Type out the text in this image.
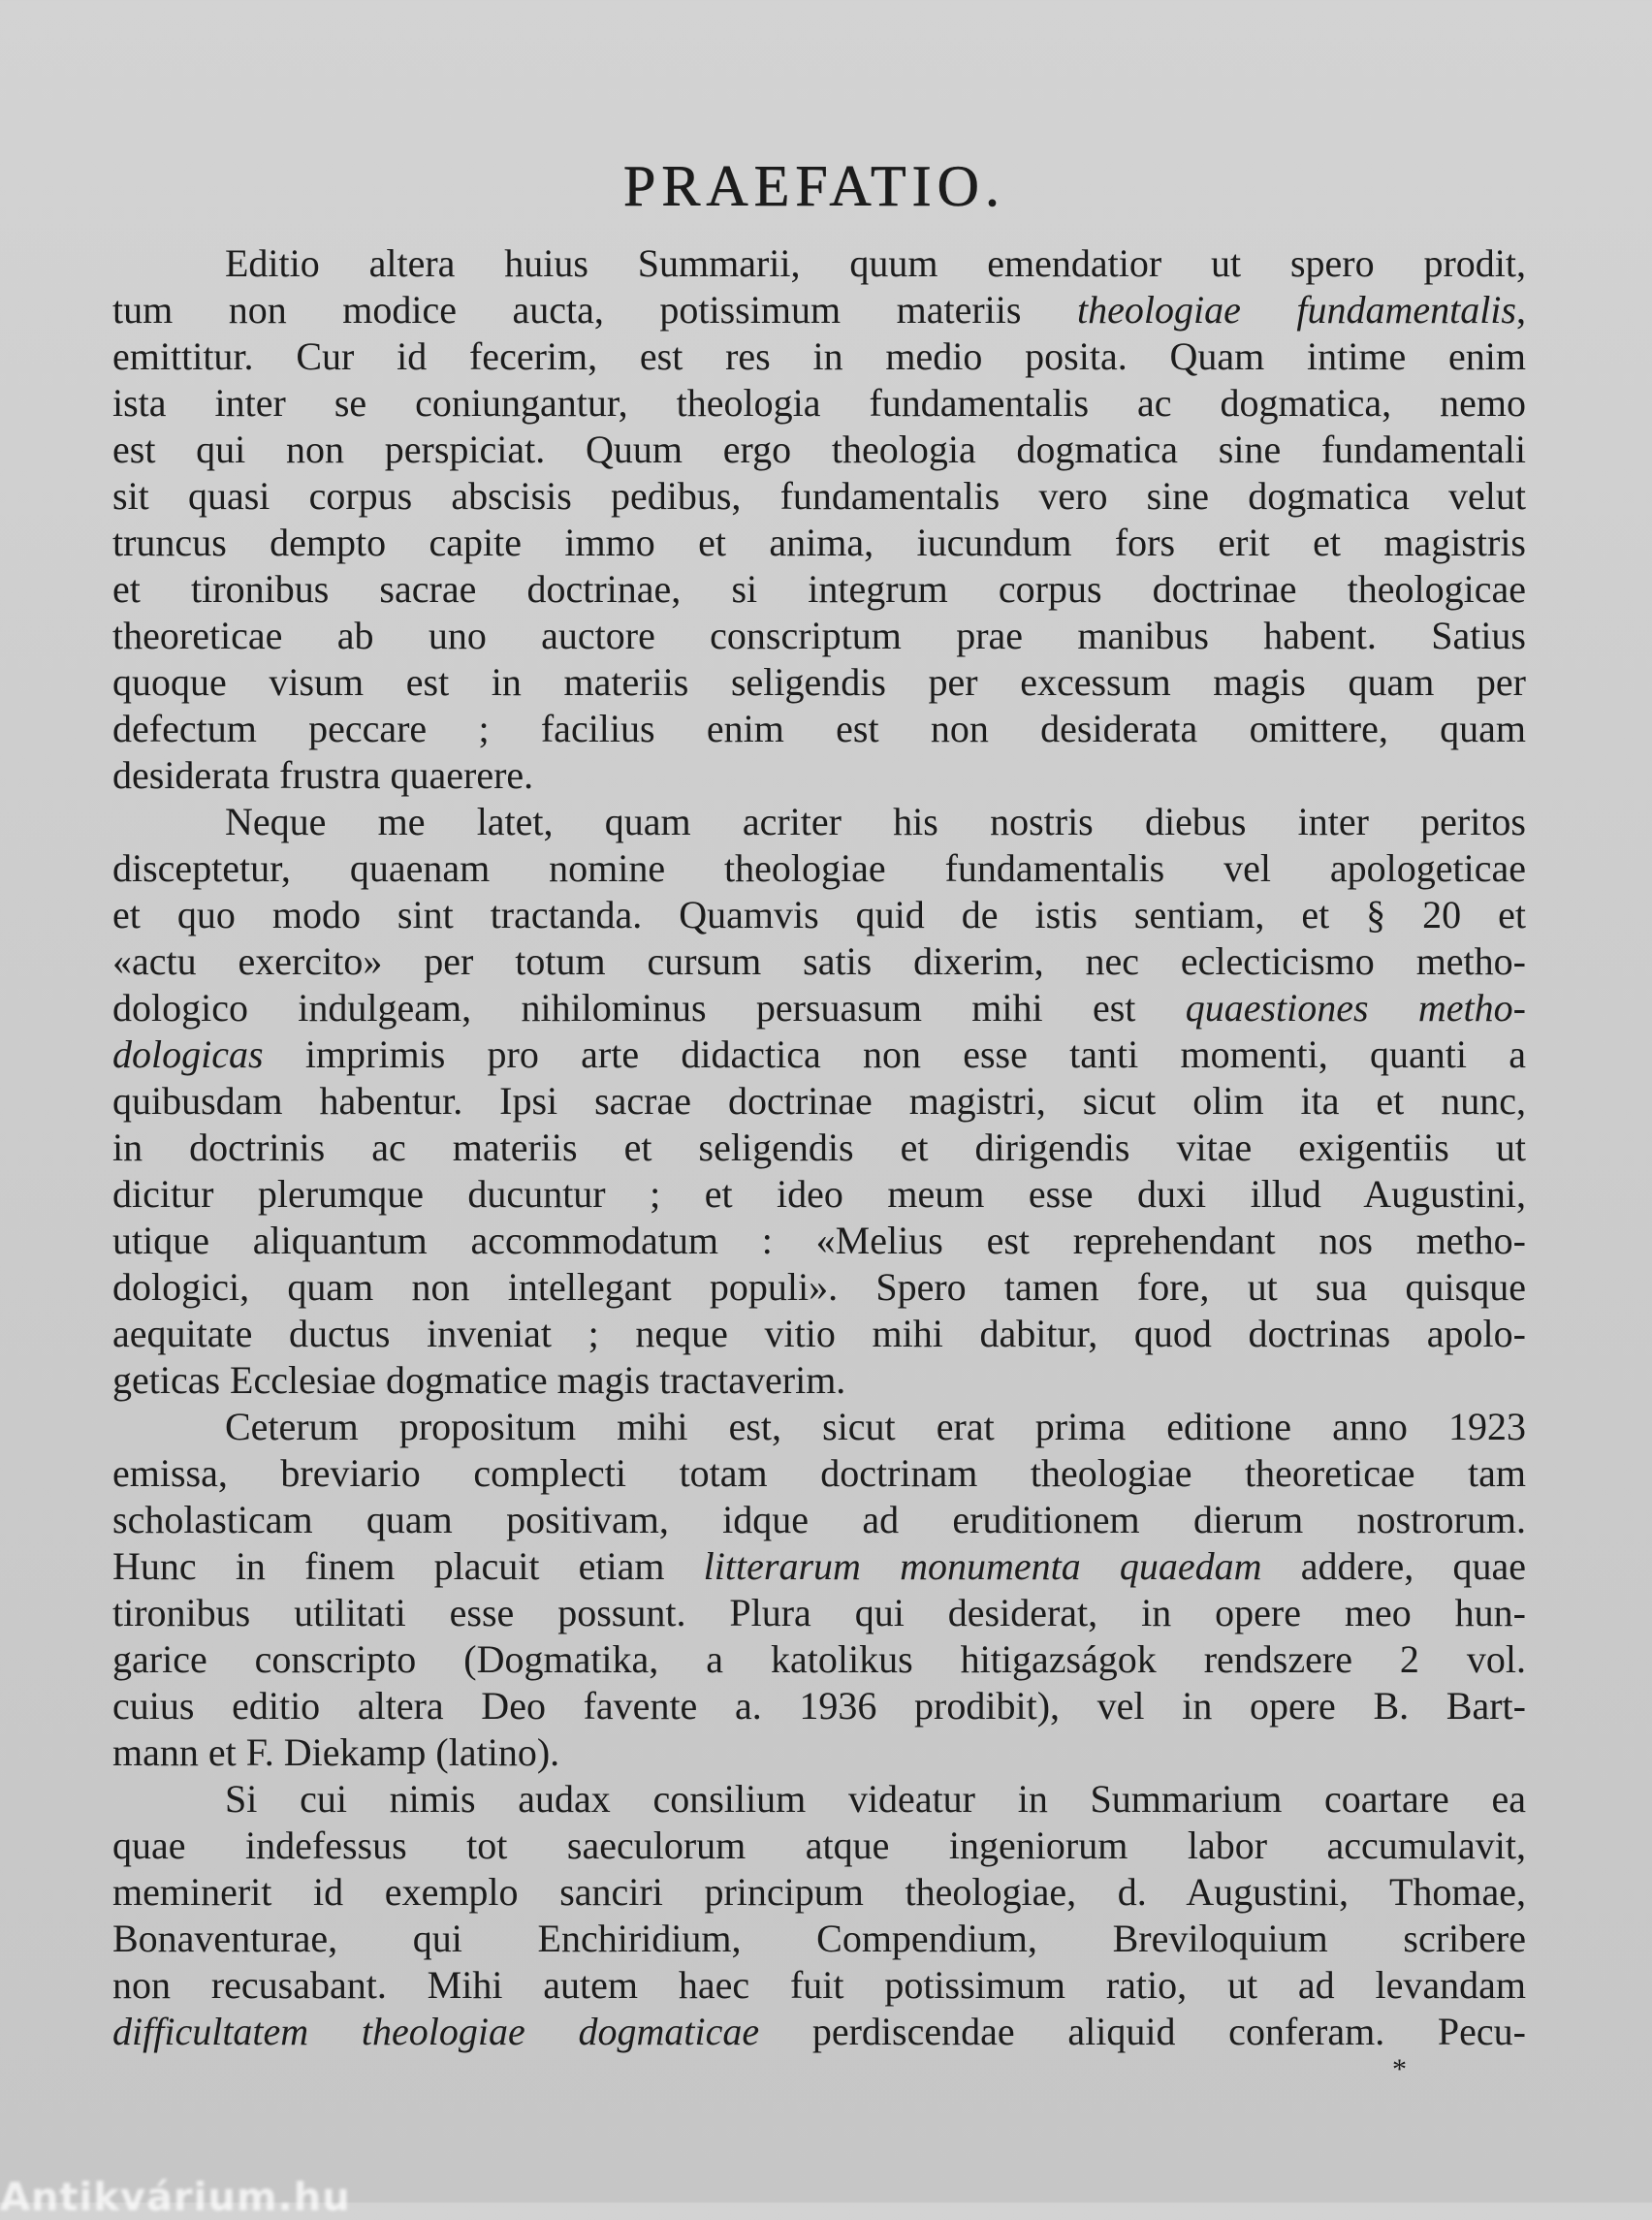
PRAEFATIO.
Editio altera huius Summarii, quum emendatior ut spero prodit,
tum non modice aucta, potissimum materiis theologiae fundamentalis,
emittitur. Cur id fecerim, est res in medio posita. Quam intime enim
ista inter se coniungantur, theologia fundamentalis ac dogmatica, nemo
est qui non perspiciat. Quum ergo theologia dogmatica sine fundamentali
sit quasi corpus abscisis pedibus, fundamentalis vero sine dogmatica velut
truncus dempto capite immo et anima, iucundum fors erit et magistris
et tironibus sacrae doctrinae, si integrum corpus doctrinae theologicae
theoreticae ab uno auctore conscriptum prae manibus habent. Satius
quoque visum est in materiis seligendis per excessum magis quam per
defectum peccare ; facilius enim est non desiderata omittere, quam
desiderata frustra quaerere.
Neque me latet, quam acriter his nostris diebus inter peritos
disceptetur, quaenam nomine theologiae fundamentalis vel apologeticae
et quo modo sint tractanda. Quamvis quid de istis sentiam, et § 20 et
«actu exercito» per totum cursum satis dixerim, nec eclecticismo metho-
dologico indulgeam, nihilominus persuasum mihi est quaestiones metho-
dologicas imprimis pro arte didactica non esse tanti momenti, quanti a
quibusdam habentur. Ipsi sacrae doctrinae magistri, sicut olim ita et nunc,
in doctrinis ac materiis et seligendis et dirigendis vitae exigentiis ut
dicitur plerumque ducuntur ; et ideo meum esse duxi illud Augustini,
utique aliquantum accommodatum : «Melius est reprehendant nos metho-
dologici, quam non intellegant populi». Spero tamen fore, ut sua quisque
aequitate ductus inveniat ; neque vitio mihi dabitur, quod doctrinas apolo-
geticas Ecclesiae dogmatice magis tractaverim.
Ceterum propositum mihi est, sicut erat prima editione anno 1923
emissa, breviario complecti totam doctrinam theologiae theoreticae tam
scholasticam quam positivam, idque ad eruditionem dierum nostrorum.
Hunc in finem placuit etiam litterarum monumenta quaedam addere, quae
tironibus utilitati esse possunt. Plura qui desiderat, in opere meo hun-
garice conscripto (Dogmatika, a katolikus hitigazságok rendszere 2 vol.
cuius editio altera Deo favente a. 1936 prodibit), vel in opere B. Bart-
mann et F. Diekamp (latino).
Si cui nimis audax consilium videatur in Summarium coartare ea
quae indefessus tot saeculorum atque ingeniorum labor accumulavit,
meminerit id exemplo sanciri principum theologiae, d. Augustini, Thomae,
Bonaventurae, qui Enchiridium, Compendium, Breviloquium scribere
non recusabant. Mihi autem haec fuit potissimum ratio, ut ad levandam
difficultatem theologiae dogmaticae perdiscendae aliquid conferam. Pecu-
*
Antikvárium.hu
